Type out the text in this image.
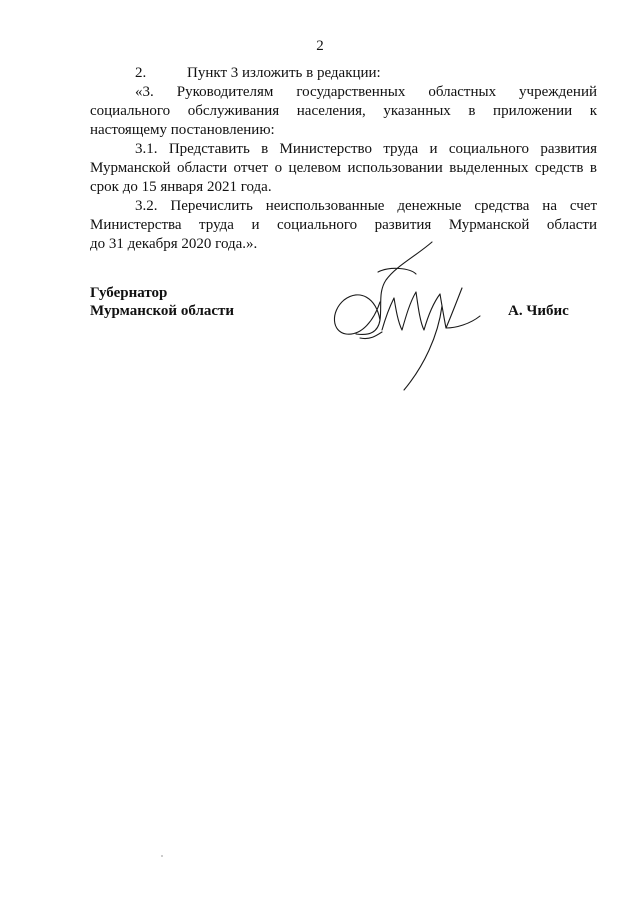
2
2.	Пункт 3 изложить в редакции:
«3. Руководителям государственных областных учреждений
социального обслуживания населения, указанных в приложении к
настоящему постановлению:
3.1. Представить в Министерство труда и социального развития
Мурманской области отчет о целевом использовании выделенных средств в
срок до 15 января 2021 года.
3.2. Перечислить неиспользованные денежные средства на счет
Министерства труда и социального развития Мурманской области
до 31 декабря 2020 года.».
Губернатор
Мурманской области	А. Чибис
